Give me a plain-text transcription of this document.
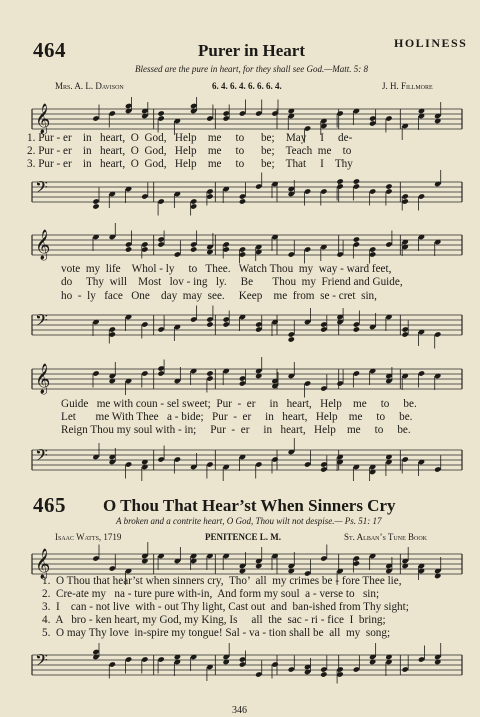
464	Purer in Heart	HOLINESS
Blessed are the pure in heart, for they shall see God.—Matt. 5: 8
Mrs. A. L. Davison	6. 4. 6. 4. 6. 6. 6. 4.	J. H. Fillmore
𝄞
1. Pur - er    in   heart,  O  God,   Help    me     to      be;    May     I     de-
2. Pur - er    in   heart,  O  God,   Help    me     to      be;    Teach  me    to
3. Pur - er    in   heart,  O  God,   Help    me     to      be;    That     I    Thy
𝄢
𝄞
vote  my  life    Whol - ly     to   Thee.   Watch Thou  my  way - ward feet,
do     Thy  will    Most   lov - ing   ly.     Be       Thou  my  Friend and Guide,
ho  -  ly   face   One    day  may  see.     Keep    me  from  se - cret  sin,
𝄢
𝄞
Guide   me with coun - sel sweet;  Pur  -  er     in   heart,   Help    me     to     be.
Let       me With Thee   a - bide;   Pur  -  er     in   heart,   Help    me     to     be.
Reign Thou my soul with - in;     Pur  -  er     in   heart,   Help    me     to     be.
𝄢
465 O Thou That Hear’st When Sinners Cry
A broken and a contrite heart, O God, Thou wilt not despise.— Ps. 51: 17
Isaac Watts, 1719	PENITENCE L. M.	St. Alban’s Tune Book
𝄞
1.  O Thou that hear’st when sinners cry,  Tho’  all  my crimes be - fore Thee lie,
2.  Cre-ate my   na - ture pure with-in,  And form my soul  a - verse to   sin;
3.  I    can - not live  with - out Thy light, Cast out  and  ban-ished from Thy sight;
4.  A   bro - ken heart, my God, my King, Is     all  the  sac - ri - fice  I  bring;
5.  O may Thy love  in-spire my tongue! Sal - va - tion shall be  all  my  song;
𝄢
346
